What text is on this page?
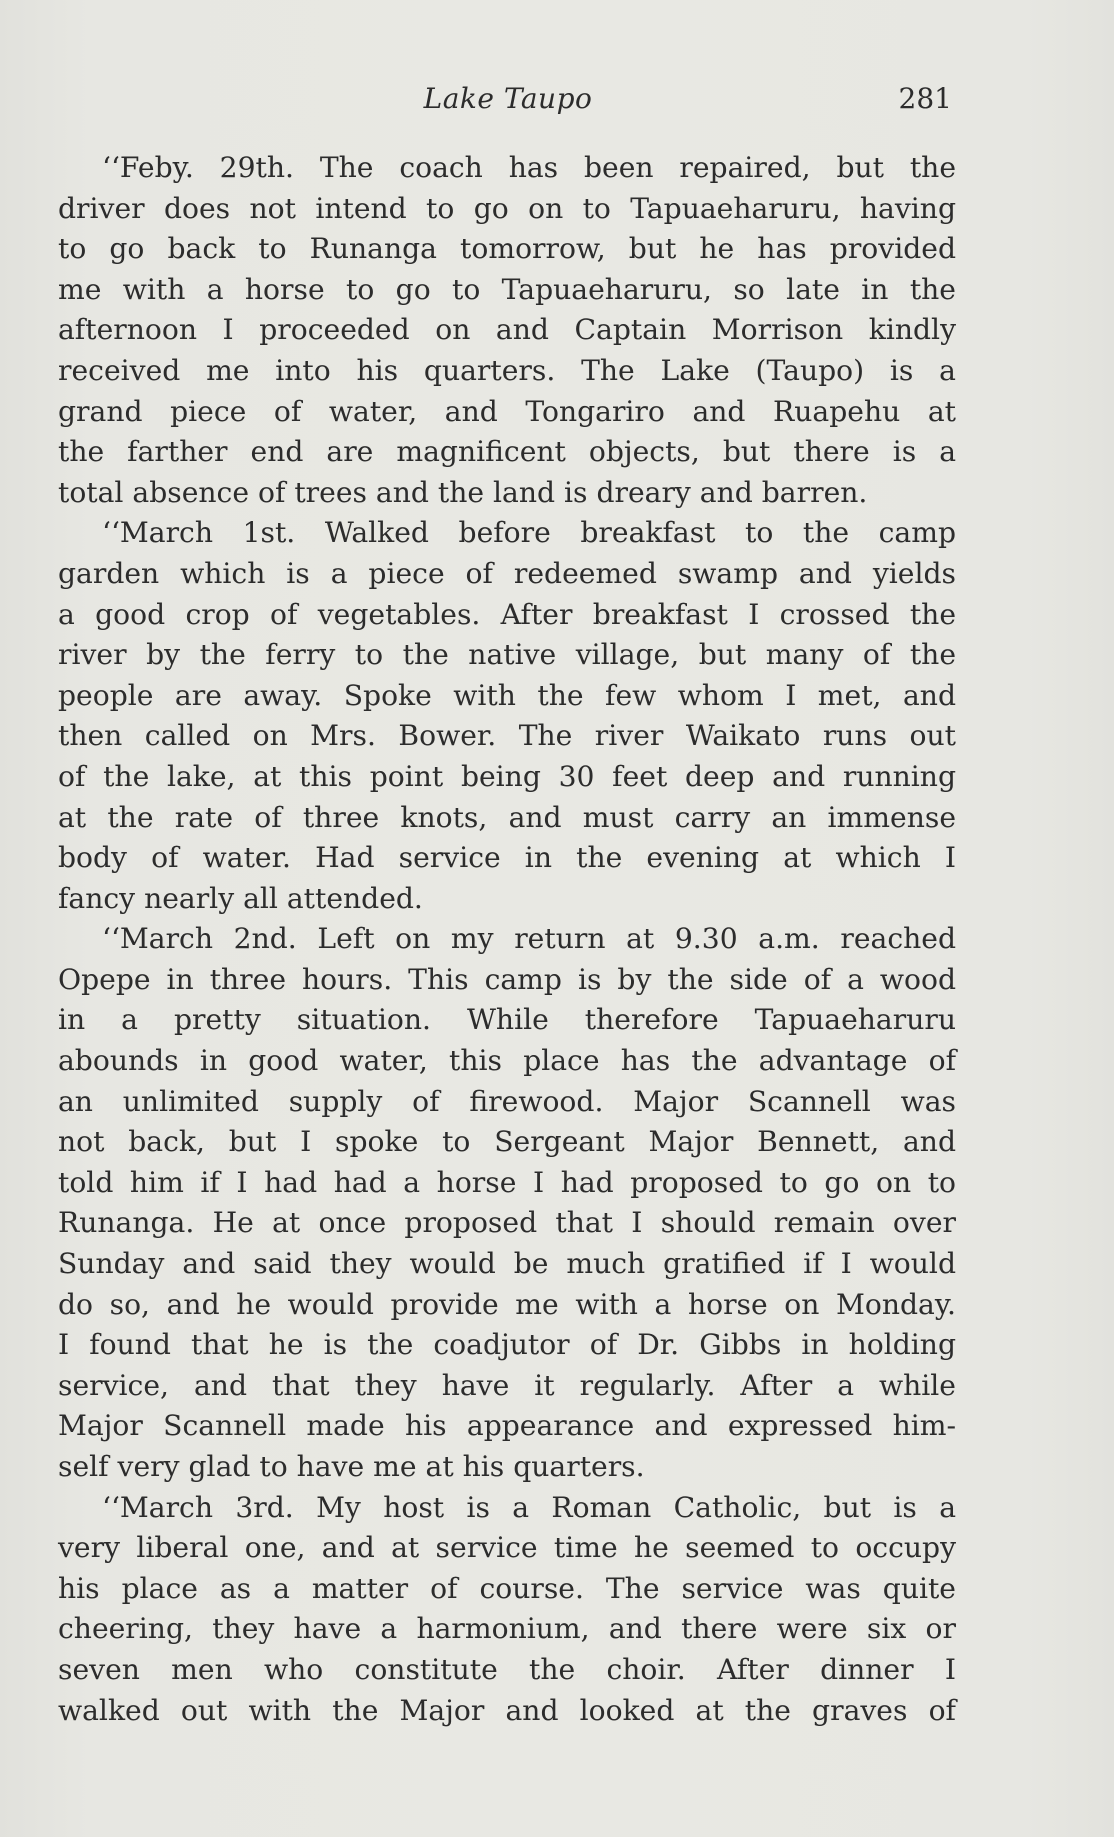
Lake Taupo	281
‘‘Feby. 29th. The coach has been repaired, but the
driver does not intend to go on to Tapuaeharuru, having
to go back to Runanga tomorrow, but he has provided
me with a horse to go to Tapuaeharuru, so late in the
afternoon I proceeded on and Captain Morrison kindly
received me into his quarters. The Lake (Taupo) is a
grand piece of water, and Tongariro and Ruapehu at
the farther end are magnificent objects, but there is a
total absence of trees and the land is dreary and barren.
‘‘March 1st. Walked before breakfast to the camp
garden which is a piece of redeemed swamp and yields
a good crop of vegetables. After breakfast I crossed the
river by the ferry to the native village, but many of the
people are away. Spoke with the few whom I met, and
then called on Mrs. Bower. The river Waikato runs out
of the lake, at this point being 30 feet deep and running
at the rate of three knots, and must carry an immense
body of water. Had service in the evening at which I
fancy nearly all attended.
‘‘March 2nd. Left on my return at 9.30 a.m. reached
Opepe in three hours. This camp is by the side of a wood
in a pretty situation. While therefore Tapuaeharuru
abounds in good water, this place has the advantage of
an unlimited supply of firewood. Major Scannell was
not back, but I spoke to Sergeant Major Bennett, and
told him if I had had a horse I had proposed to go on to
Runanga. He at once proposed that I should remain over
Sunday and said they would be much gratified if I would
do so, and he would provide me with a horse on Monday.
I found that he is the coadjutor of Dr. Gibbs in holding
service, and that they have it regularly. After a while
Major Scannell made his appearance and expressed him-
self very glad to have me at his quarters.
‘‘March 3rd. My host is a Roman Catholic, but is a
very liberal one, and at service time he seemed to occupy
his place as a matter of course. The service was quite
cheering, they have a harmonium, and there were six or
seven men who constitute the choir. After dinner I
walked out with the Major and looked at the graves of
